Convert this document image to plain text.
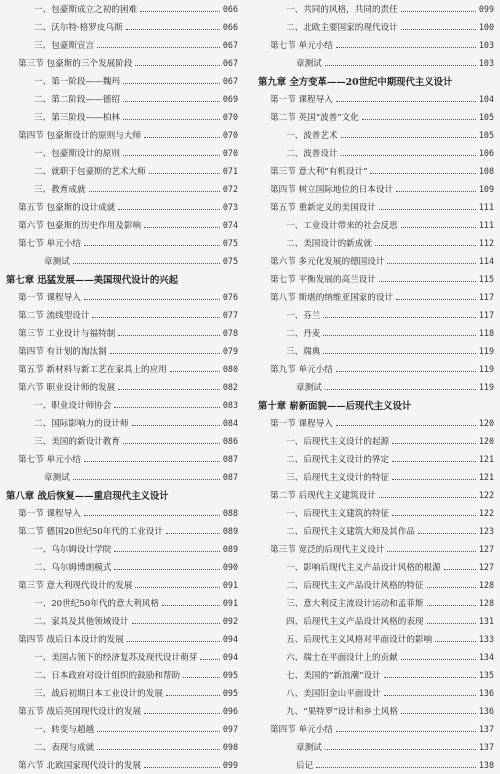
一、包豪斯成立之初的困难	066
二、沃尔特·格罗皮乌斯	066
三、包豪斯宣言	067
第三节 包豪斯的三个发展阶段	067
一、第一阶段——魏玛	067
二、第二阶段——德绍	069
三、第三阶段——柏林	070
第四节 包豪斯设计的原则与大师	070
一、包豪斯设计的原则	070
二、就职于包豪斯的艺术大师	071
三、教育成就	072
第五节 包豪斯的设计成就	073
第六节 包豪斯的历史作用及影响	074
第七节 单元小结	075
章测试	075
第七章 迅猛发展——美国现代设计的兴起
第一节 课程导入	076
第二节 流线型设计	077
第三节 工业设计与福特制	078
第四节 有计划的淘汰制	079
第五节 新材料与新工艺在家具上的应用	080
第六节 职业设计师的发展	082
一、职业设计师协会	083
二、国际影响力的设计师	084
三、美国的新设计教育	086
第七节 单元小结	087
章测试	087
第八章 战后恢复——重启现代主义设计
第一节 课程导入	088
第二节 德国20世纪50年代的工业设计	089
一、乌尔姆设计学院	089
二、乌尔姆博朗模式	090
第三节 意大利现代设计的发展	091
一、20世纪50年代的意大利风格	091
二、家具及其他领域设计	092
第四节 战后日本设计的发展	094
一、美国占领下的经济复苏及现代设计萌芽	094
二、日本政府对设计组织的鼓励和帮助	095
三、战后初期日本工业设计的发展	095
第五节 战后英国现代设计的发展	096
一、转变与超越	097
二、表现与成就	098
第六节 北欧国家现代设计的发展	099
一、共同的风格，共同的责任	099
二、北欧主要国家的现代设计	100
第七节 单元小结	103
章测试	103
第九章 全方变革——20世纪中期现代主义设计
第一节 课程导入	104
第二节 英国“波普”文化	105
一、波普艺术	105
二、波普设计	106
第三节 意大利“有机设计”	108
第四节 树立国际地位的日本设计	109
第五节 重新定义的美国设计	111
一、工业设计带来的社会反思	111
二、美国设计的新成就	112
第六节 多元化发展的德国设计	114
第七节 平衡发展的高兰设计	115
第八节 斯堪的纳维亚国家的设计	117
一、芬兰	117
二、丹麦	118
三、瑞典	119
第九节 单元小结	119
章测试	119
第十章 崭新面貌——后现代主义设计
第一节 课程导入	120
一、后现代主义设计的起源	120
二、后现代主义设计的界定	121
三、后现代主义设计的特征	121
第二节 后现代主义建筑设计	122
一、后现代主义建筑的特征	122
二、后现代主义建筑大师及其作品	123
第三节 宽泛的后现代主义设计	127
一、影响后现代主义产品设计风格的根源	127
二、后现代主义产品设计风格的特征	128
三、意大利反主流设计运动和孟菲斯	128
四、后现代主义产品设计风格的表现	131
五、后现代主义风格对平面设计的影响	133
六、瑞士在平面设计上的贡献	134
七、美国的“新浪潮”设计	135
八、美国旧金山平面设计	136
九、“果特罗”设计和乡土风格	136
第四节 单元小结	137
章测试	137
后记	138
